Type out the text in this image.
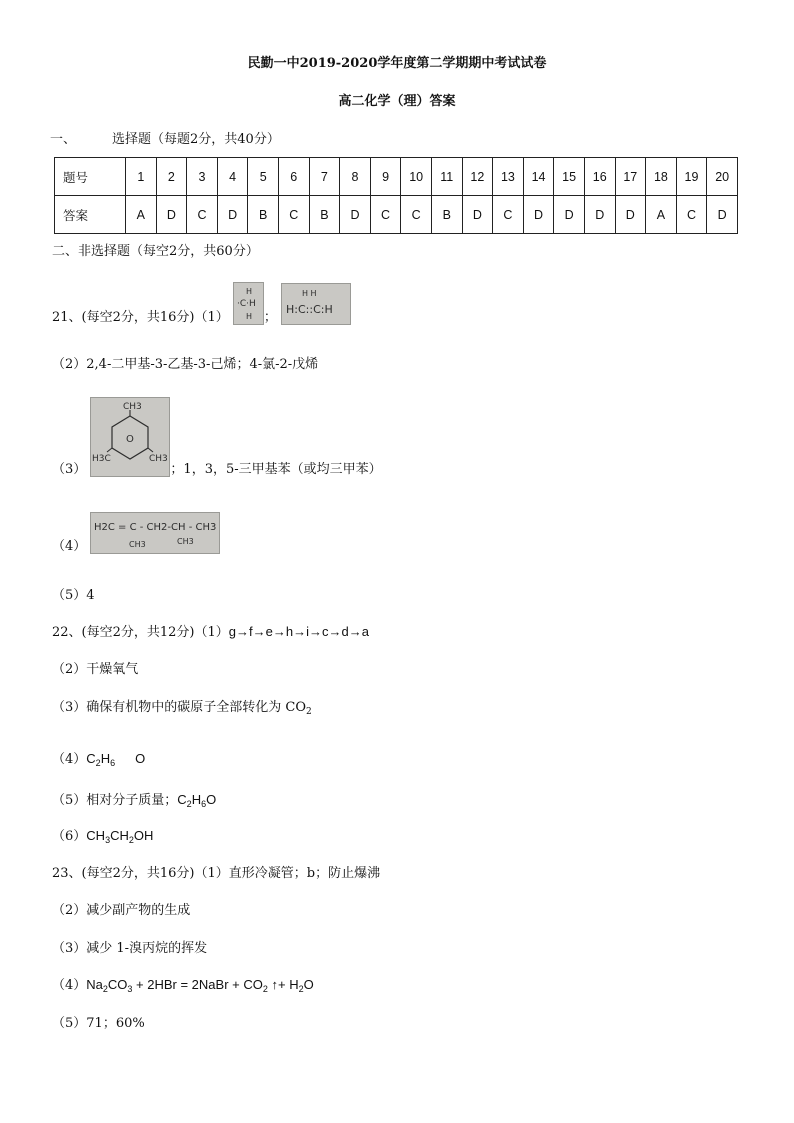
民勤一中2019-2020学年度第二学期期中考试试卷
高二化学（理）答案
一、	选择题（每题2分，共40分）
题号	1	2	3	4	5	6	7	8	9	10	11	12	13	14	15	16	17	18	19	20
答案	A	D	C	D	B	C	B	D	C	C	B	D	C	D	D	D	D	A	C	D
二、非选择题（每空2分，共60分）
21、(每空2分，共16分)（1）
H
·C·H
H ；
H H
H:C::C:H
（2）2,4-二甲基-3-乙基-3-己烯；4-氯-2-戊烯
（3）
CH3
O
H3C	CH3
；1，3，5-三甲基苯（或均三甲苯）
（4）
H2C = C - CH2-CH - CH3
CH3	CH3
（5）4
22、(每空2分，共12分)（1）g→f→e→h→i→c→d→a
（2）干燥氧气
（3）确保有机物中的碳原子全部转化为 $CO_2$
$(4)C_2H_6$ O
（5）相对分子质量；$C_2H_6O$
$(6)CH_3CH_2OH$
23、(每空2分，共16分)（1）直形冷凝管；b；防止爆沸
（2）减少副产物的生成
（3）减少 1-溴丙烷的挥发
$(4)Na_2CO_3 + 2HBr$ = 2NaBr + $CO_2$ ↑+ $H_2O$
（5）71；60%
